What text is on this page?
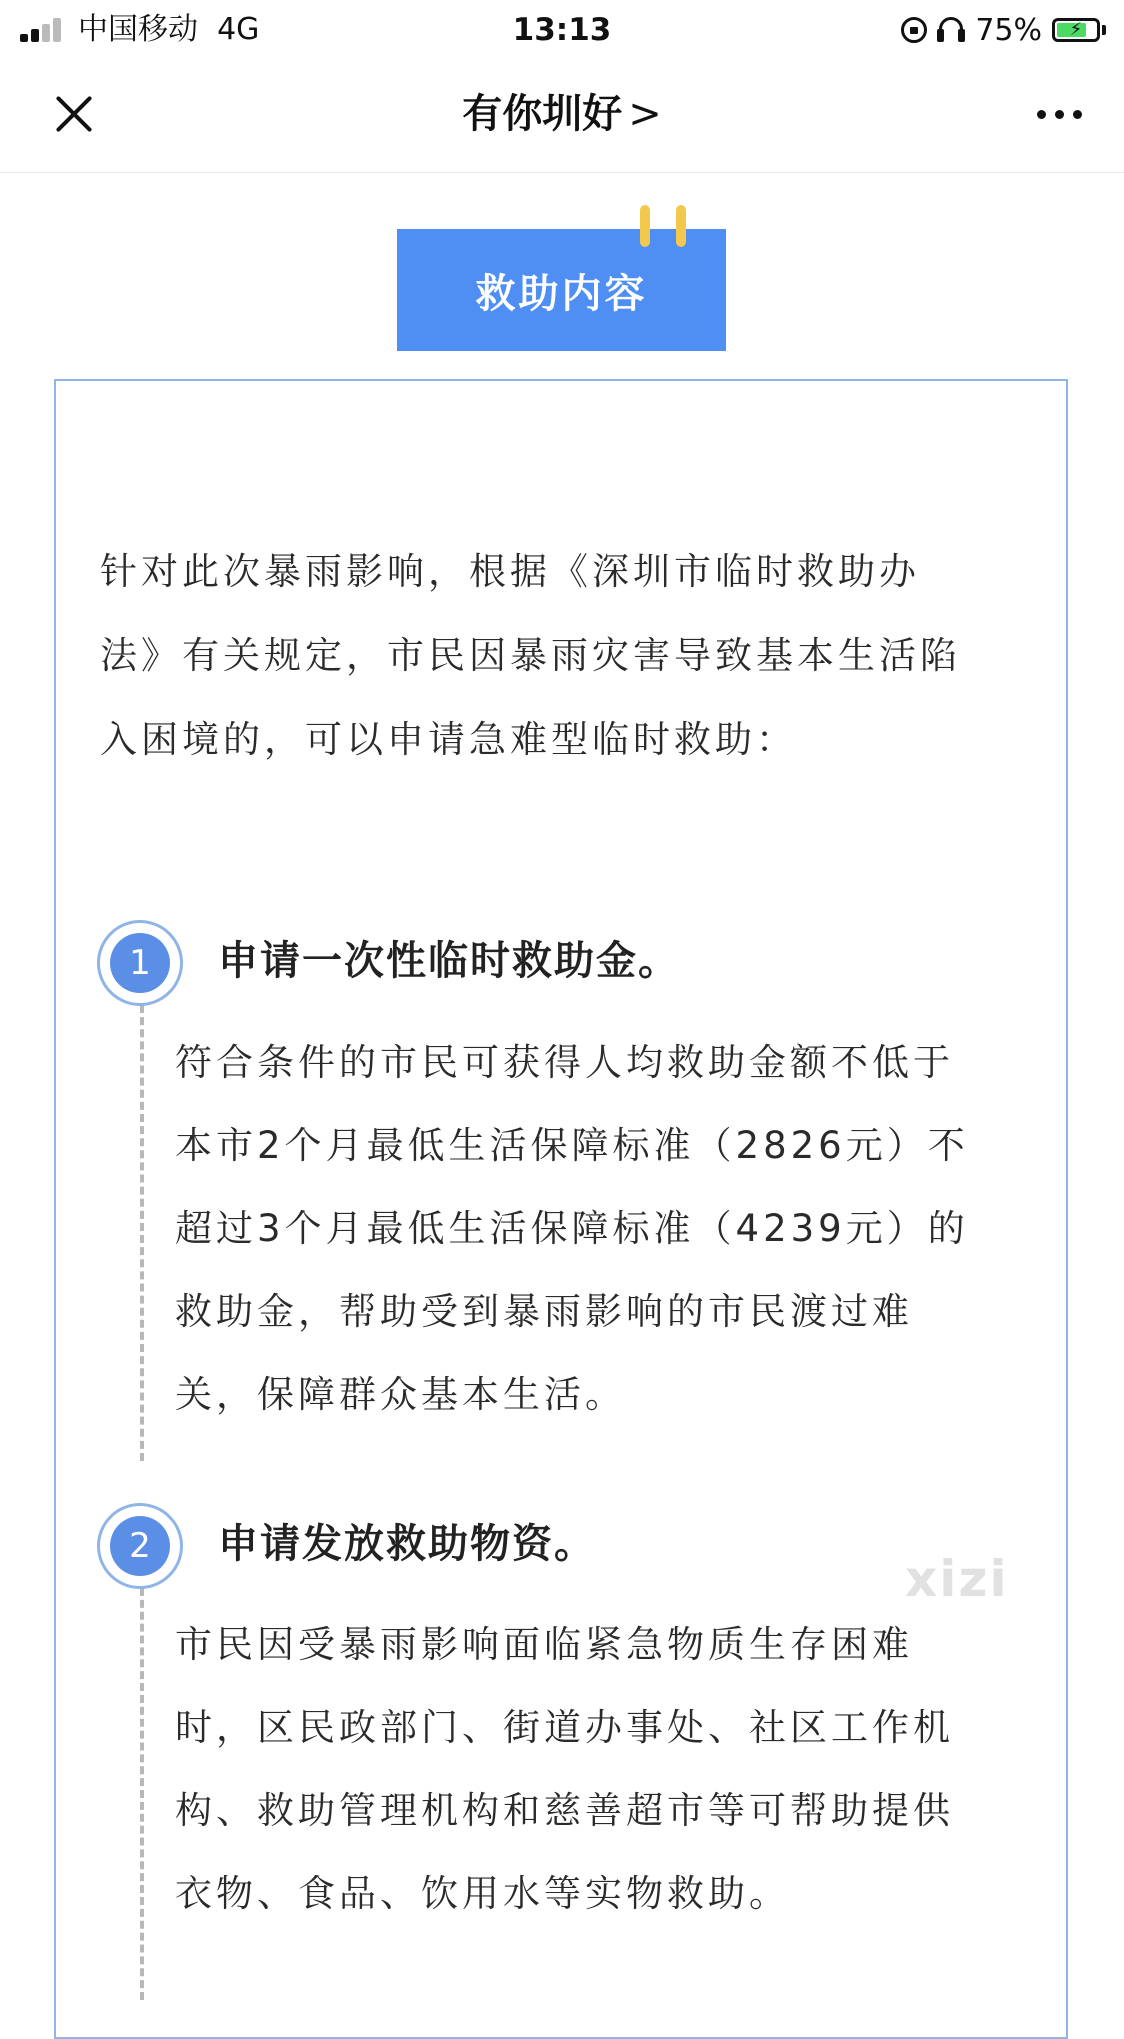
中国移动 4G	13:13	75%	⚡
有你圳好 >
救助内容
针对此次暴雨影响，根据《深圳市临时救助办
法》有关规定，市民因暴雨灾害导致基本生活陷
入困境的，可以申请急难型临时救助：
1	申请一次性临时救助金。
符合条件的市民可获得人均救助金额不低于
本市2个月最低生活保障标准（2826元）不
超过3个月最低生活保障标准（4239元）的
救助金，帮助受到暴雨影响的市民渡过难
关，保障群众基本生活。
2	申请发放救助物资。
市民因受暴雨影响面临紧急物质生存困难
时，区民政部门、街道办事处、社区工作机
构、救助管理机构和慈善超市等可帮助提供
衣物、食品、饮用水等实物救助。
xizi
